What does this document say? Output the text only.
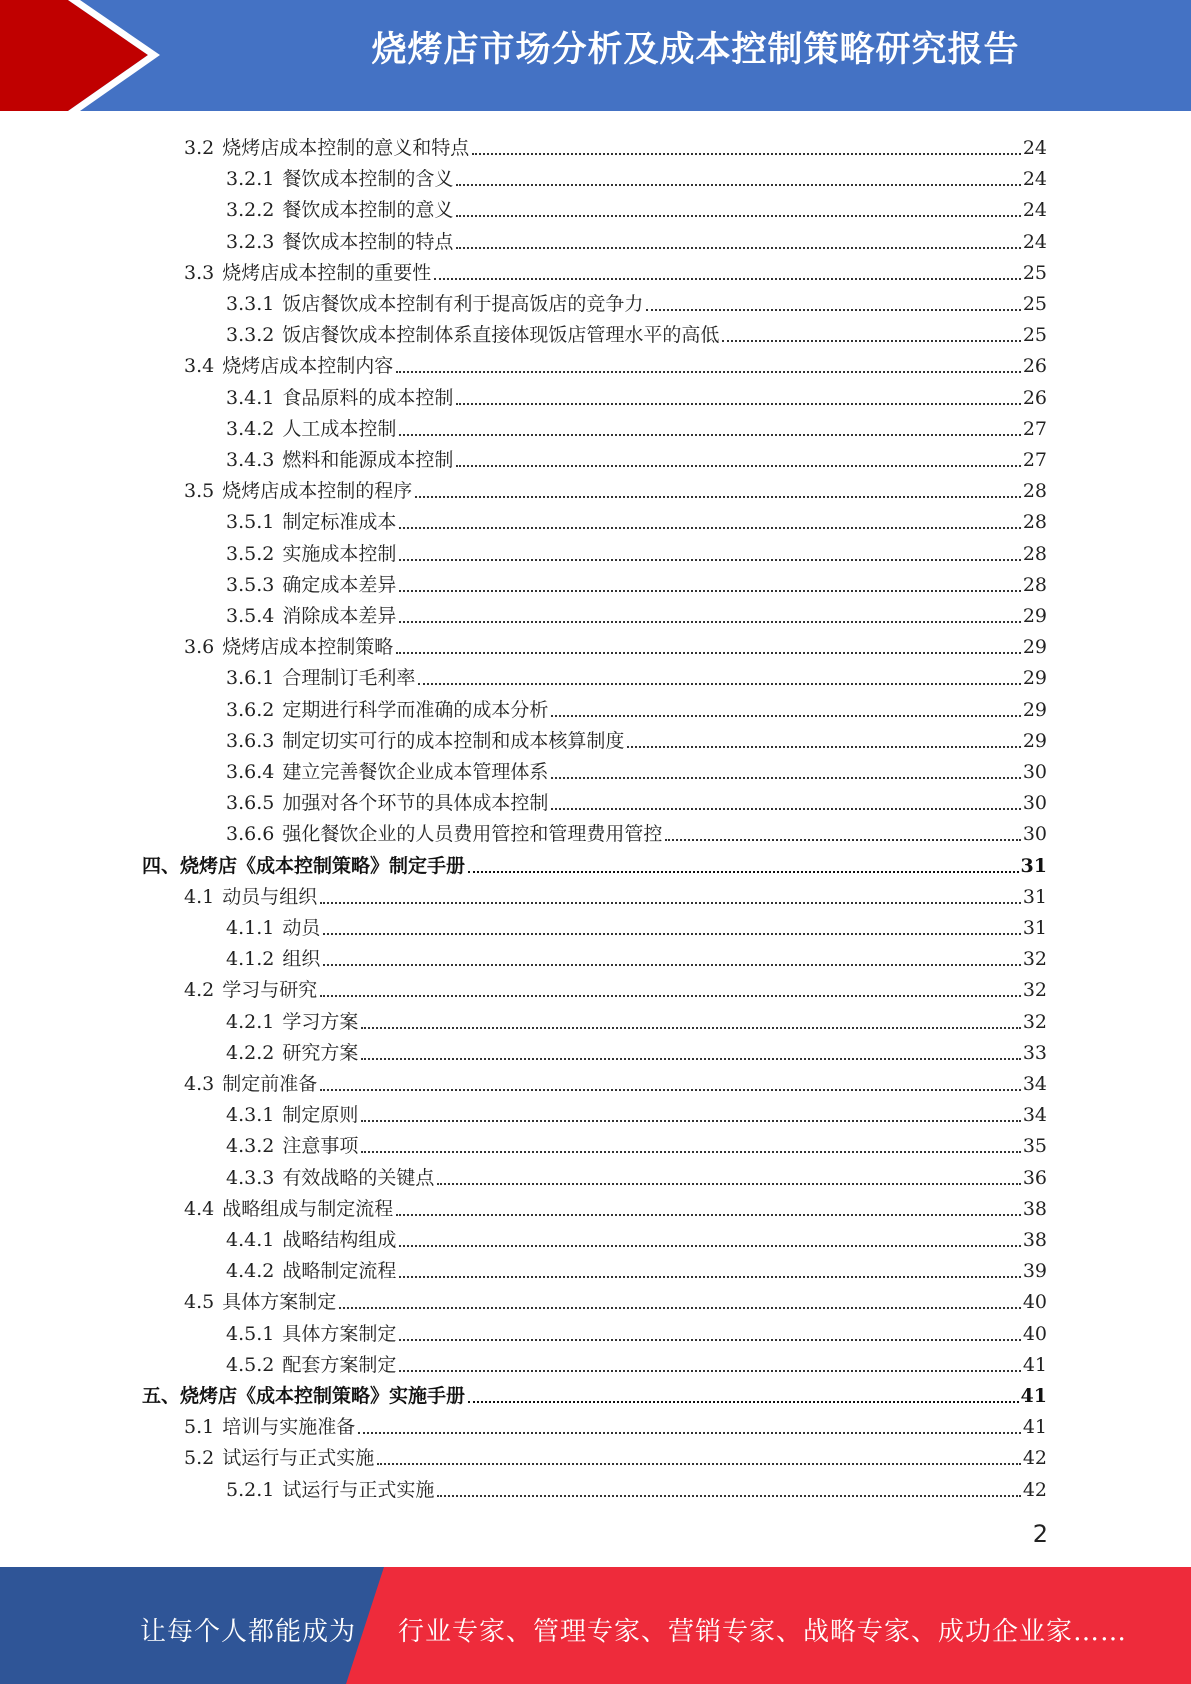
烧烤店市场分析及成本控制策略研究报告
3.2 烧烤店成本控制的意义和特点	24
3.2.1 餐饮成本控制的含义	24
3.2.2 餐饮成本控制的意义	24
3.2.3 餐饮成本控制的特点	24
3.3 烧烤店成本控制的重要性	25
3.3.1 饭店餐饮成本控制有利于提高饭店的竞争力	25
3.3.2 饭店餐饮成本控制体系直接体现饭店管理水平的高低	25
3.4 烧烤店成本控制内容	26
3.4.1 食品原料的成本控制	26
3.4.2 人工成本控制	27
3.4.3 燃料和能源成本控制	27
3.5 烧烤店成本控制的程序	28
3.5.1 制定标准成本	28
3.5.2 实施成本控制	28
3.5.3 确定成本差异	28
3.5.4 消除成本差异	29
3.6 烧烤店成本控制策略	29
3.6.1 合理制订毛利率	29
3.6.2 定期进行科学而准确的成本分析	29
3.6.3 制定切实可行的成本控制和成本核算制度	29
3.6.4 建立完善餐饮企业成本管理体系	30
3.6.5 加强对各个环节的具体成本控制	30
3.6.6 强化餐饮企业的人员费用管控和管理费用管控	30
四、烧烤店《成本控制策略》制定手册	31
4.1 动员与组织	31
4.1.1 动员	31
4.1.2 组织	32
4.2 学习与研究	32
4.2.1 学习方案	32
4.2.2 研究方案	33
4.3 制定前准备	34
4.3.1 制定原则	34
4.3.2 注意事项	35
4.3.3 有效战略的关键点	36
4.4 战略组成与制定流程	38
4.4.1 战略结构组成	38
4.4.2 战略制定流程	39
4.5 具体方案制定	40
4.5.1 具体方案制定	40
4.5.2 配套方案制定	41
五、烧烤店《成本控制策略》实施手册	41
5.1 培训与实施准备	41
5.2 试运行与正式实施	42
5.2.1 试运行与正式实施	42
2
让每个人都能成为 行业专家、管理专家、营销专家、战略专家、成功企业家……
